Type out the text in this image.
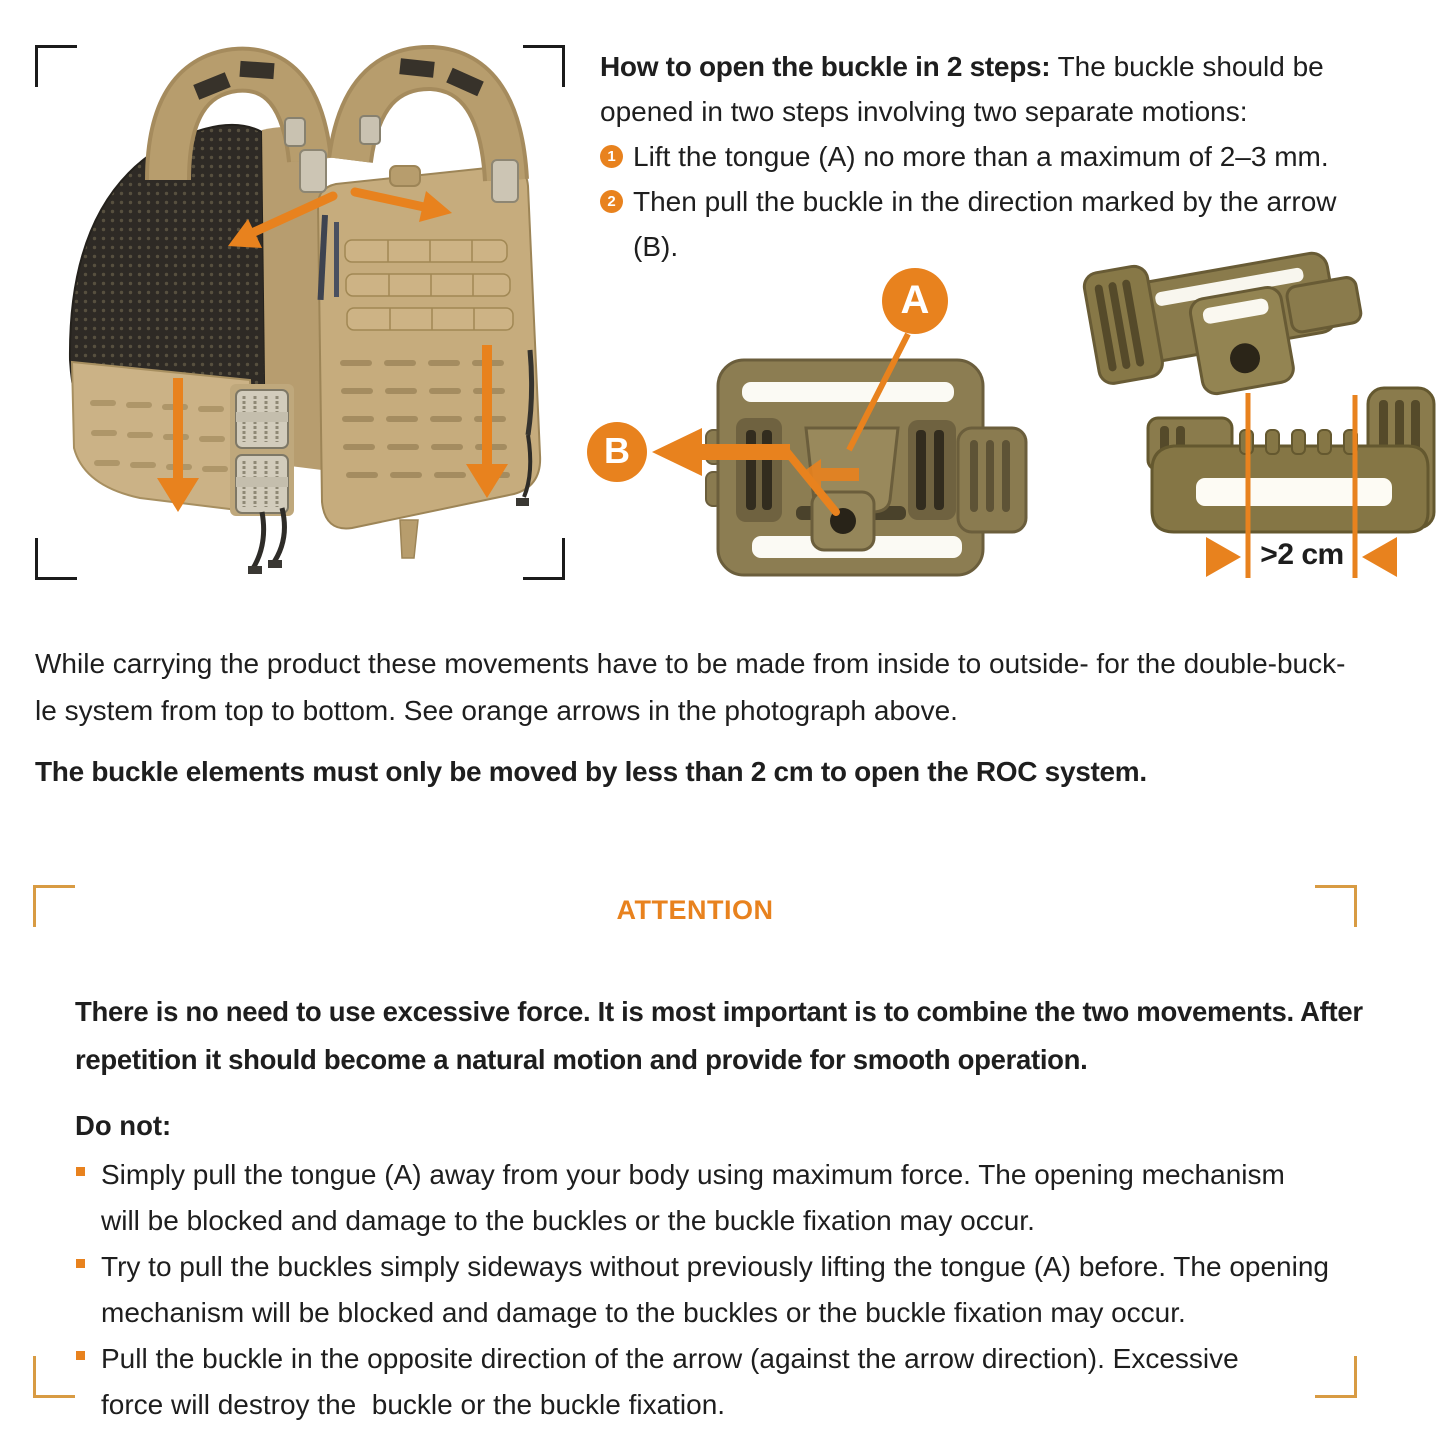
A
B
>2 cm
How to open the buckle in 2 steps: The buckle should be
opened in two steps involving two separate motions:
1 Lift the tongue (A) no more than a maximum of 2–3 mm.
2 Then pull the buckle in the direction marked by the arrow
(B).
While carrying the product these movements have to be made from inside to outside- for the double-buck-
le system from top to bottom. See orange arrows in the photograph above.
The buckle elements must only be moved by less than 2 cm to open the ROC system.
ATTENTION
There is no need to use excessive force. It is most important is to combine the two movements. After
repetition it should become a natural motion and provide for smooth operation.
Do not:
Simply pull the tongue (A) away from your body using maximum force. The opening mechanism
will be blocked and damage to the buckles or the buckle fixation may occur.
Try to pull the buckles simply sideways without previously lifting the tongue (A) before. The opening
mechanism will be blocked and damage to the buckles or the buckle fixation may occur.
Pull the buckle in the opposite direction of the arrow (against the arrow direction). Excessive
force will destroy the  buckle or the buckle fixation.
